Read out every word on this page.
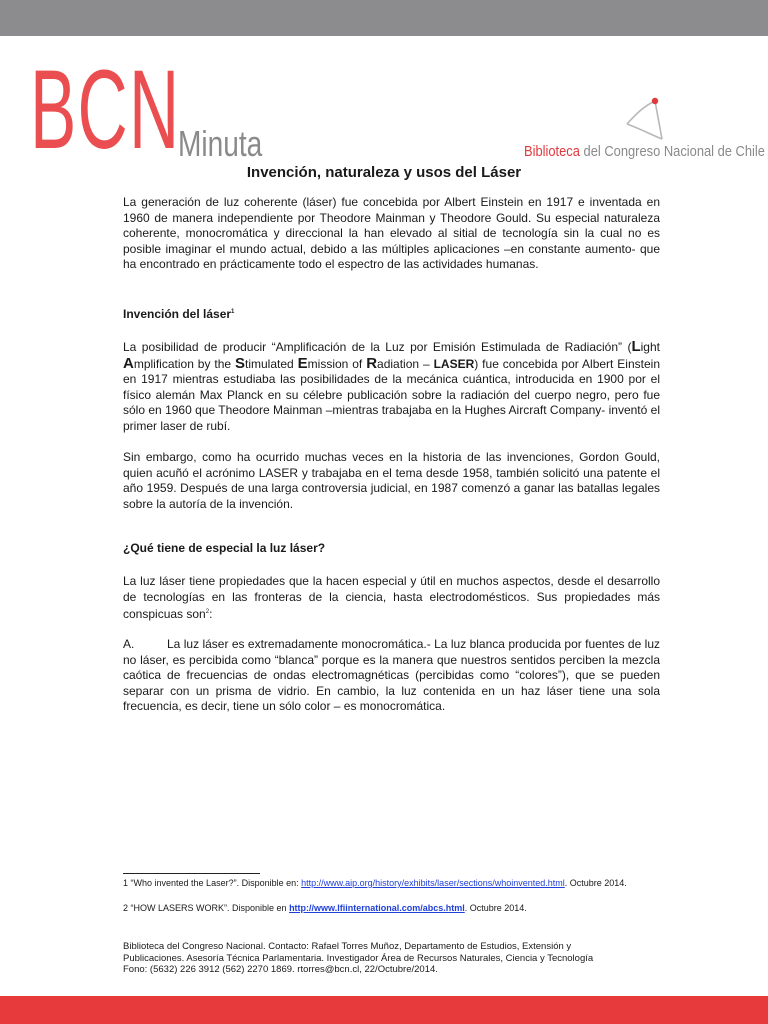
BCN
Minuta	Biblioteca del Congreso Nacional de Chile
Invención, naturaleza y usos del Láser

La generación de luz coherente (láser) fue concebida por Albert Einstein en 1917 e inventada en 1960 de manera independiente por Theodore Mainman y Theodore Gould. Su especial naturaleza coherente, monocromática y direccional la han elevado al sitial de tecnología sin la cual no es posible imaginar el mundo actual, debido a las múltiples aplicaciones –en constante aumento- que ha encontrado en prácticamente todo el espectro de las actividades humanas.

Invención del láser$^1$

La posibilidad de producir “Amplificación de la Luz por Emisión Estimulada de Radiación” (Light Amplification by the Stimulated Emission of Radiation – LASER) fue concebida por Albert Einstein en 1917 mientras estudiaba las posibilidades de la mecánica cuántica, introducida en 1900 por el físico alemán Max Planck en su célebre publicación sobre la radiación del cuerpo negro, pero fue sólo en 1960 que Theodore Mainman –mientras trabajaba en la Hughes Aircraft Company- inventó el primer laser de rubí.

Sin embargo, como ha ocurrido muchas veces en la historia de las invenciones, Gordon Gould, quien acuñó el acrónimo LASER y trabajaba en el tema desde 1958, también solicitó una patente el año 1959. Después de una larga controversia judicial, en 1987 comenzó a ganar las batallas legales sobre la autoría de la invención.

¿Qué tiene de especial la luz láser?

La luz láser tiene propiedades que la hacen especial y útil en muchos aspectos, desde el desarrollo de tecnologías en las fronteras de la ciencia, hasta electrodomésticos. Sus propiedades más conspicuas son$^2$:

A.	La luz láser es extremadamente monocromática.- La luz blanca producida por fuentes de luz no láser, es percibida como “blanca” porque es la manera que nuestros sentidos perciben la mezcla caótica de frecuencias de ondas electromagnéticas (percibidas como “colores”), que se pueden separar con un prisma de vidrio. En cambio, la luz contenida en un haz láser tiene una sola frecuencia, es decir, tiene un sólo color – es monocromática.

1 “Who invented the Laser?”. Disponible en: http://www.aip.org/history/exhibits/laser/sections/whoinvented.html. Octubre 2014.

2 “HOW LASERS WORK”. Disponible en http://www.lfiinternational.com/abcs.html. Octubre 2014.

Biblioteca del Congreso Nacional. Contacto: Rafael Torres Muñoz, Departamento de Estudios, Extensión y
Publicaciones. Asesoría Técnica Parlamentaria. Investigador Área de Recursos Naturales, Ciencia y Tecnología
Fono: (5632) 226 3912 (562) 2270 1869. rtorres@bcn.cl, 22/Octubre/2014.
